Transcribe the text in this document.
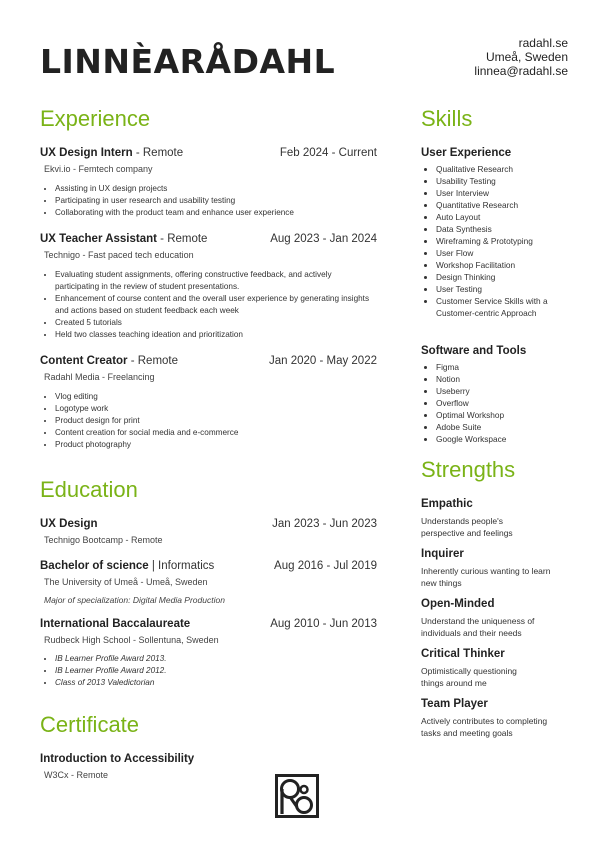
LINNÈARÅDAHL	radahl.se
Umeå, Sweden
linnea@radahl.se
Experience
UX Design Intern - Remote	Feb 2024 - Current
Ekvi.io - Femtech company
• Assisting in UX design projects
• Participating in user research and usability testing
• Collaborating with the product team and enhance user experience
UX Teacher Assistant - Remote	Aug 2023 - Jan 2024
Technigo - Fast paced tech education
• Evaluating student assignments, offering constructive feedback, and actively participating in the review of student presentations.
• Enhancement of course content and the overall user experience by generating insights and actions based on student feedback each week
• Created 5 tutorials
• Held two classes teaching ideation and prioritization
Content Creator - Remote	Jan 2020 - May 2022
Radahl Media - Freelancing
• Vlog editing
• Logotype work
• Product design for print
• Content creation for social media and e-commerce
• Product photography
Education
UX Design	Jan 2023 - Jun 2023
Technigo Bootcamp - Remote
Bachelor of science | Informatics	Aug 2016 - Jul 2019
The University of Umeå - Umeå, Sweden
Major of specialization: Digital Media Production
International Baccalaureate	Aug 2010 - Jun 2013
Rudbeck High School - Sollentuna, Sweden
• IB Learner Profile Award 2013.
• IB Learner Profile Award 2012.
• Class of 2013 Valedictorian
Certificate
Introduction to Accessibility
W3Cx - Remote
Skills
User Experience
• Qualitative Research
• Usability Testing
• User Interview
• Quantitative Research
• Auto Layout
• Data Synthesis
• Wireframing & Prototyping
• User Flow
• Workshop Facilitation
• Design Thinking
• User Testing
• Customer Service Skills with a Customer-centric Approach
Software and Tools
• Figma
• Notion
• Useberry
• Overflow
• Optimal Workshop
• Adobe Suite
• Google Workspace
Strengths
Empathic
Understands people's perspective and feelings
Inquirer
Inherently curious wanting to learn new things
Open-Minded
Understand the uniqueness of individuals and their needs
Critical Thinker
Optimistically questioning things around me
Team Player
Actively contributes to completing tasks and meeting goals
